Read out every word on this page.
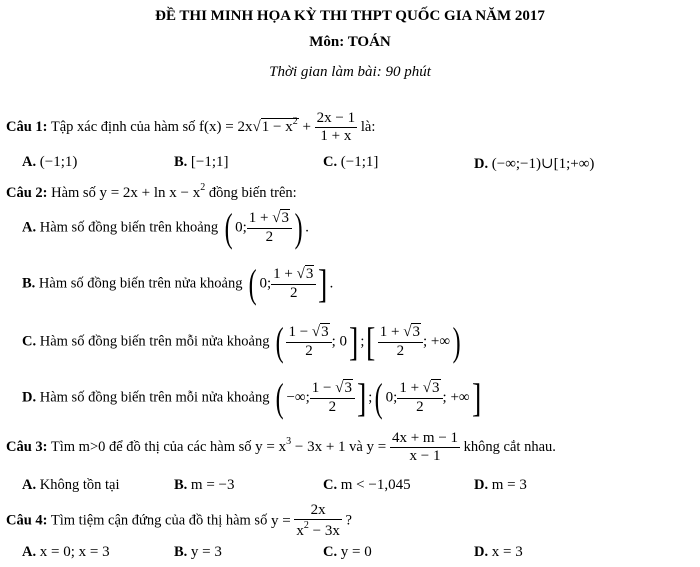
ĐỀ THI MINH HỌA KỲ THI THPT QUỐC GIA NĂM 2017
Môn: TOÁN
Thời gian làm bài: 90 phút
Câu 1: Tập xác định của hàm số $f(x) = 2x√1 - x^2 + \frac{2x - 1}{1 + x}$ là:
A. (−1;1)	B. [−1;1]	C. (−1;1]	D. (−∞;−1)∪[1;+∞)
Câu 2: Hàm số $y = 2x + \ln x - x^2$ đồng biến trên:
A. Hàm số đồng biến trên khoảng ( 0; $\frac{1 + √3}{2}$ ) .
B. Hàm số đồng biến trên nửa khoảng ( 0; $\frac{1 + √3}{2}$ ] .
C. Hàm số đồng biến trên mỗi nửa khoảng ( $\frac{1 - √3}{2}$ ; 0] ;[ $\frac{1 + √3}{2}$ ; +∞)
D. Hàm số đồng biến trên mỗi nửa khoảng ( −∞; $\frac{1 - √3}{2}$ ] ;( 0; $\frac{1 + √3}{2}$ ; +∞]
Câu 3: Tìm m>0 để đồ thị của các hàm số $y = x^3 - 3x + 1$ và $y = \frac{4x + m - 1}{x - 1}$ không cắt nhau.
A. Không tồn tại	B. m = −3	C. m < −1,045	D. m = 3
Câu 4: Tìm tiệm cận đứng của đồ thị hàm số $y = \frac{2x}{x^2 - 3x}$ ?
A. x = 0; x = 3	B. y = 3	C. y = 0	D. x = 3
